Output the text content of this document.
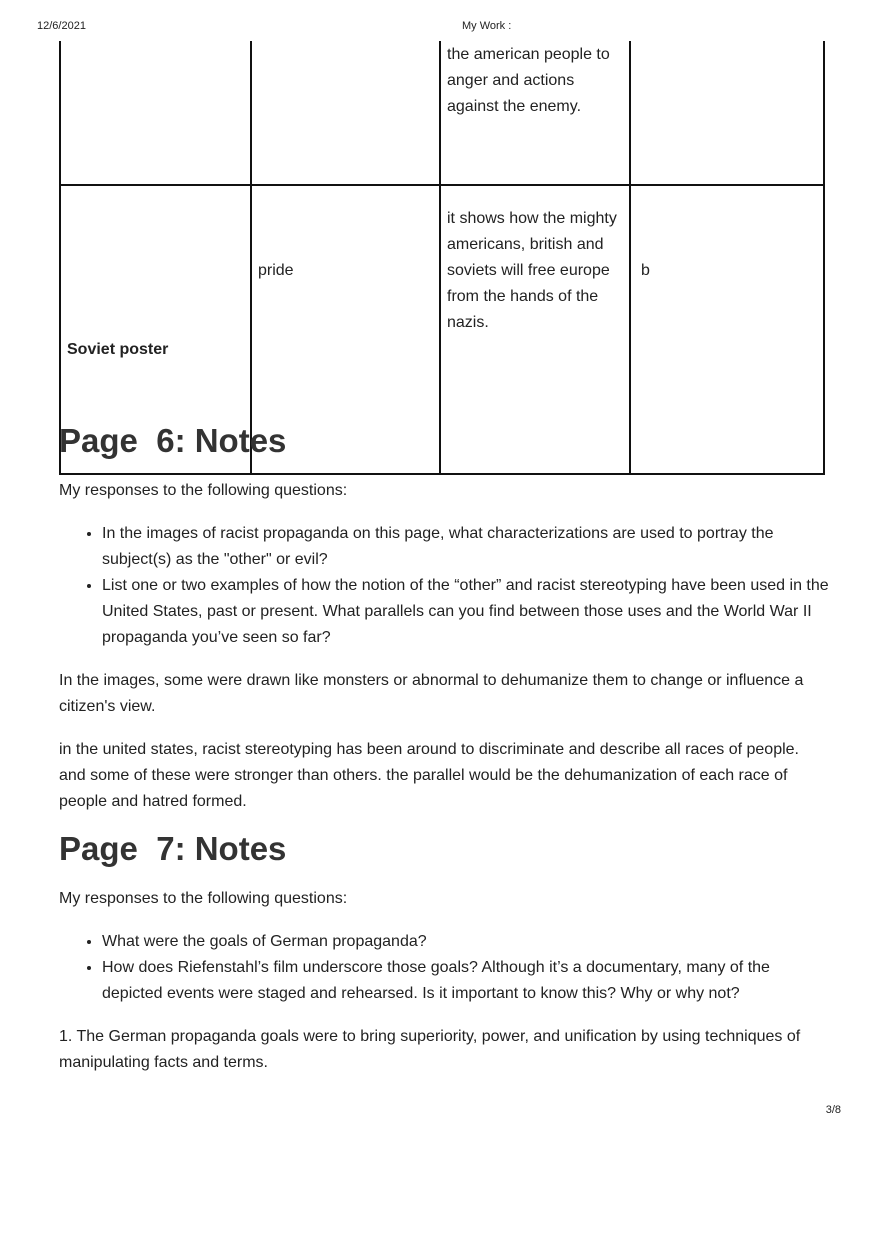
12/6/2021	My Work :
		the american people to anger and actions against the enemy.	
Soviet poster	pride	it shows how the mighty americans, british and soviets will free europe from the hands of the nazis.	b
Page  6: Notes

My responses to the following questions:

• In the images of racist propaganda on this page, what characterizations are used to portray the subject(s) as the "other" or evil?
• List one or two examples of how the notion of the “other” and racist stereotyping have been used in the United States, past or present. What parallels can you find between those uses and the World War II propaganda you’ve seen so far?

In the images, some were drawn like monsters or abnormal to dehumanize them to change or influence a citizen's view.

in the united states, racist stereotyping has been around to discriminate and describe all races of people. and some of these were stronger than others. the parallel would be the dehumanization of each race of people and hatred formed.

Page  7: Notes

My responses to the following questions:

• What were the goals of German propaganda?
• How does Riefenstahl’s film underscore those goals? Although it’s a documentary, many of the depicted events were staged and rehearsed. Is it important to know this? Why or why not?

1. The German propaganda goals were to bring superiority, power, and unification by using techniques of manipulating facts and terms.

3/8
